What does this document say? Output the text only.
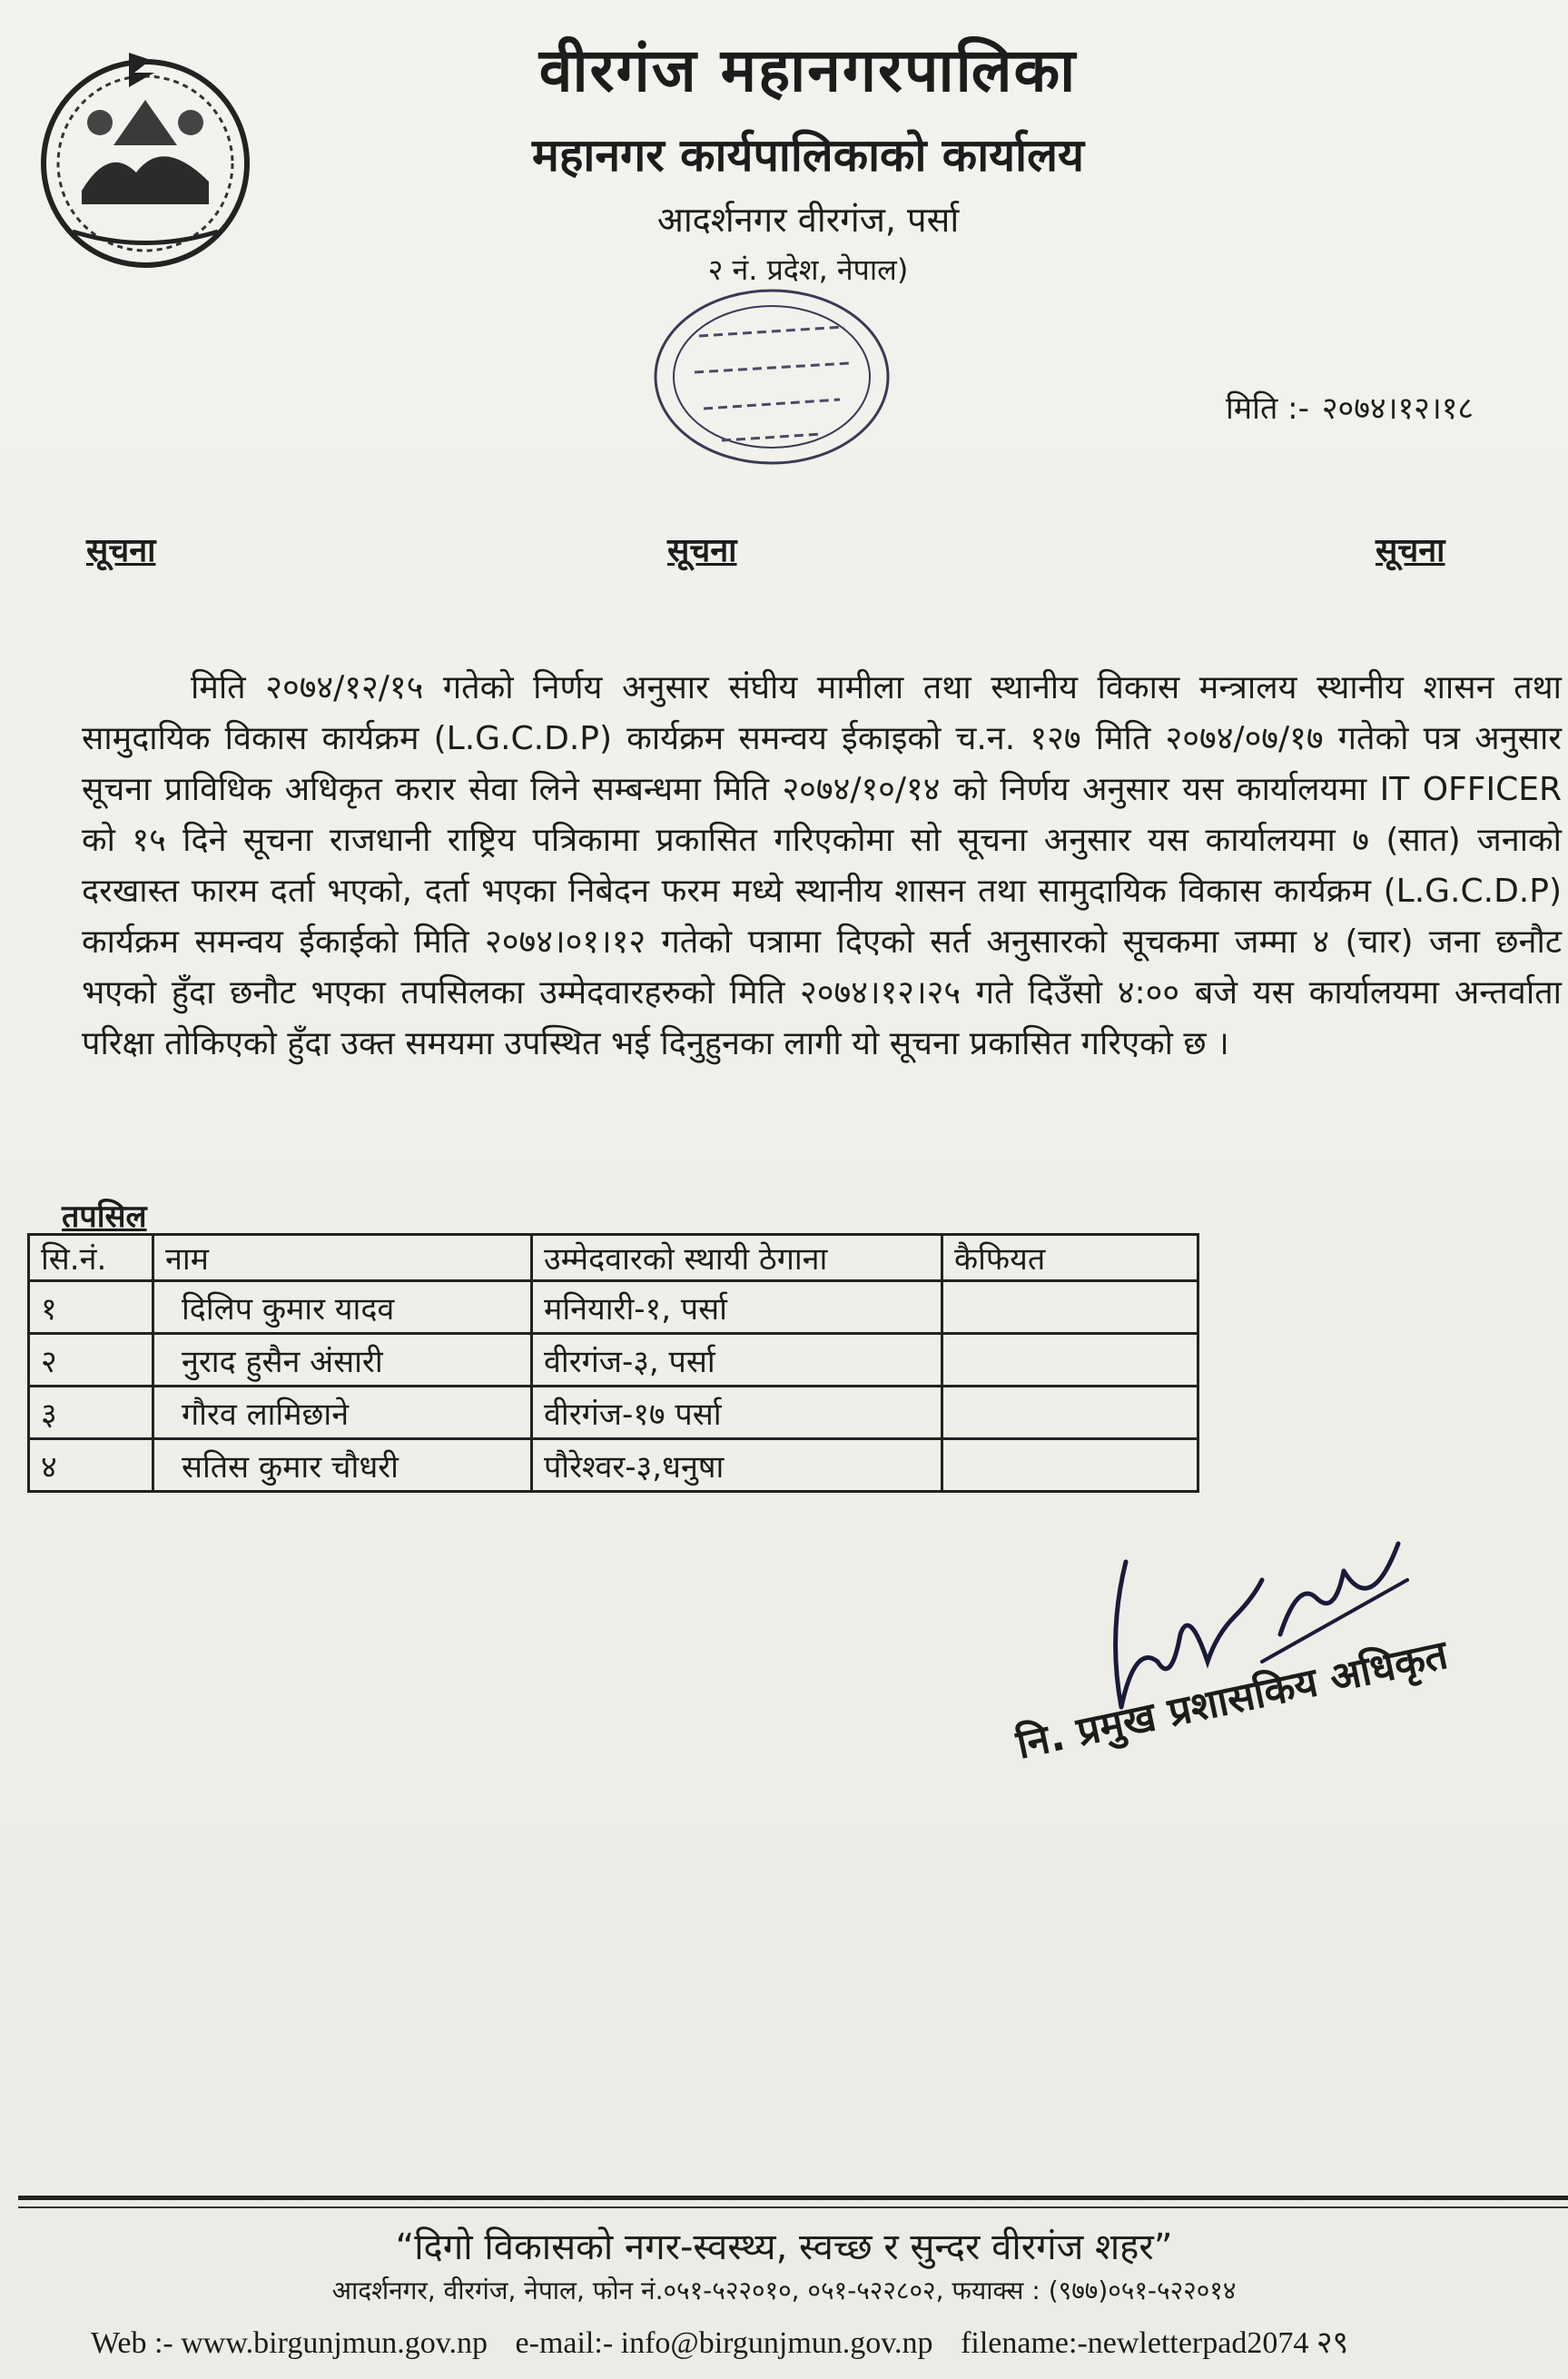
वीरगंज महानगरपालिका
महानगर कार्यपालिकाको कार्यालय
आदर्शनगर वीरगंज, पर्सा
२ नं. प्रदेश, नेपाल)
मिति :- २०७४।१२।१८
सूचना	सूचना	सूचना
मिति २०७४/१२/१५ गतेको निर्णय अनुसार संघीय मामीला तथा स्थानीय विकास मन्त्रालय स्थानीय शासन तथा सामुदायिक विकास कार्यक्रम (L.G.C.D.P) कार्यक्रम समन्वय ईकाइको च.न. १२७ मिति २०७४/०७/१७ गतेको पत्र अनुसार सूचना प्राविधिक अधिकृत करार सेवा लिने सम्बन्धमा मिति २०७४/१०/१४ को निर्णय अनुसार यस कार्यालयमा IT OFFICER को १५ दिने सूचना राजधानी राष्ट्रिय पत्रिकामा प्रकासित गरिएकोमा सो सूचना अनुसार यस कार्यालयमा ७ (सात) जनाको दरखास्त फारम दर्ता भएको, दर्ता भएका निबेदन फरम मध्ये स्थानीय शासन तथा सामुदायिक विकास कार्यक्रम (L.G.C.D.P) कार्यक्रम समन्वय ईकाईको मिति २०७४।०१।१२ गतेको पत्रामा दिएको सर्त अनुसारको सूचकमा जम्मा ४ (चार) जना छनौट भएको हुँदा छनौट भएका तपसिलका उम्मेदवारहरुको मिति २०७४।१२।२५ गते दिउँसो ४:०० बजे यस कार्यालयमा अन्तर्वाता परिक्षा तोकिएको हुँदा उक्त समयमा उपस्थित भई दिनुहुनका लागी यो सूचना प्रकासित गरिएको छ ।
तपसिल
सि.नं.	नाम	उम्मेदवारको स्थायी ठेगाना	कैफियत
१	दिलिप कुमार यादव	मनियारी-१, पर्सा	
२	नुराद हुसैन अंसारी	वीरगंज-३, पर्सा	
३	गौरव लामिछाने	वीरगंज-१७ पर्सा	
४	सतिस कुमार चौधरी	पौरेश्वर-३,धनुषा	
नि. प्रमुख प्रशासकिय अधिकृत
“दिगो विकासको नगर-स्वस्थ्य, स्वच्छ र सुन्दर वीरगंज शहर”
आदर्शनगर, वीरगंज, नेपाल, फोन नं.०५१-५२२०१०, ०५१-५२२८०२, फयाक्स : (९७७)०५१-५२२०१४
Web :- www.birgunjmun.gov.np e-mail:- info@birgunjmun.gov.np filename:-newletterpad2074 २९
